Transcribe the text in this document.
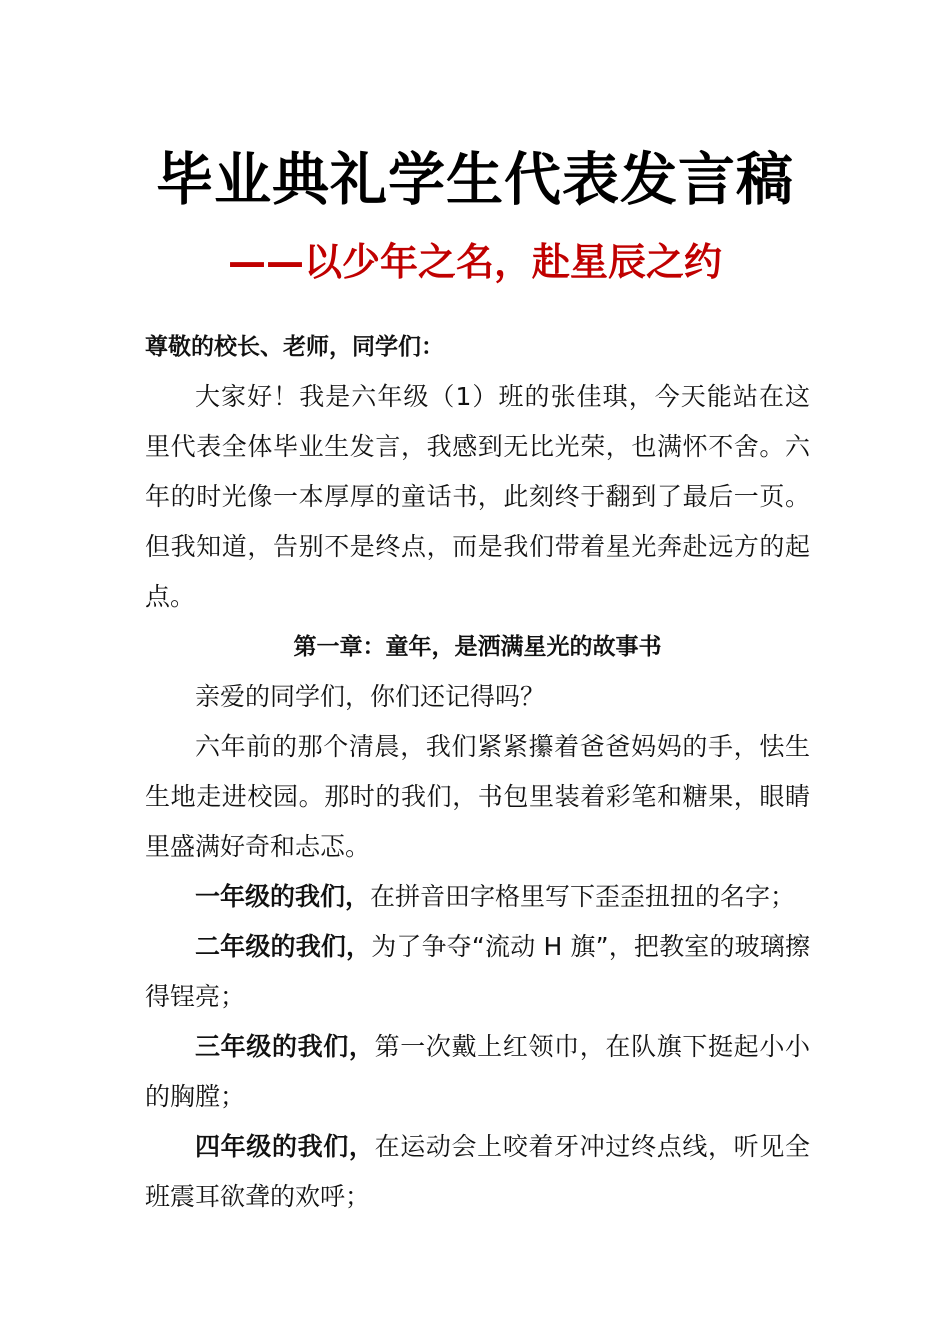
毕业典礼学生代表发言稿
——以少年之名，赴星辰之约

尊敬的校长、老师，同学们：

大家好！我是六年级（1）班的张佳琪，今天能站在这里代表全体毕业生发言，我感到无比光荣，也满怀不舍。六年的时光像一本厚厚的童话书，此刻终于翻到了最后一页。但我知道，告别不是终点，而是我们带着星光奔赴远方的起点。

第一章：童年，是洒满星光的故事书

亲爱的同学们，你们还记得吗？

六年前的那个清晨，我们紧紧攥着爸爸妈妈的手，怯生生地走进校园。那时的我们，书包里装着彩笔和糖果，眼睛里盛满好奇和忐忑。

一年级的我们，在拼音田字格里写下歪歪扭扭的名字；

二年级的我们，为了争夺“流动 H 旗”，把教室的玻璃擦得锃亮；

三年级的我们，第一次戴上红领巾，在队旗下挺起小小的胸膛；

四年级的我们，在运动会上咬着牙冲过终点线，听见全班震耳欲聋的欢呼；
